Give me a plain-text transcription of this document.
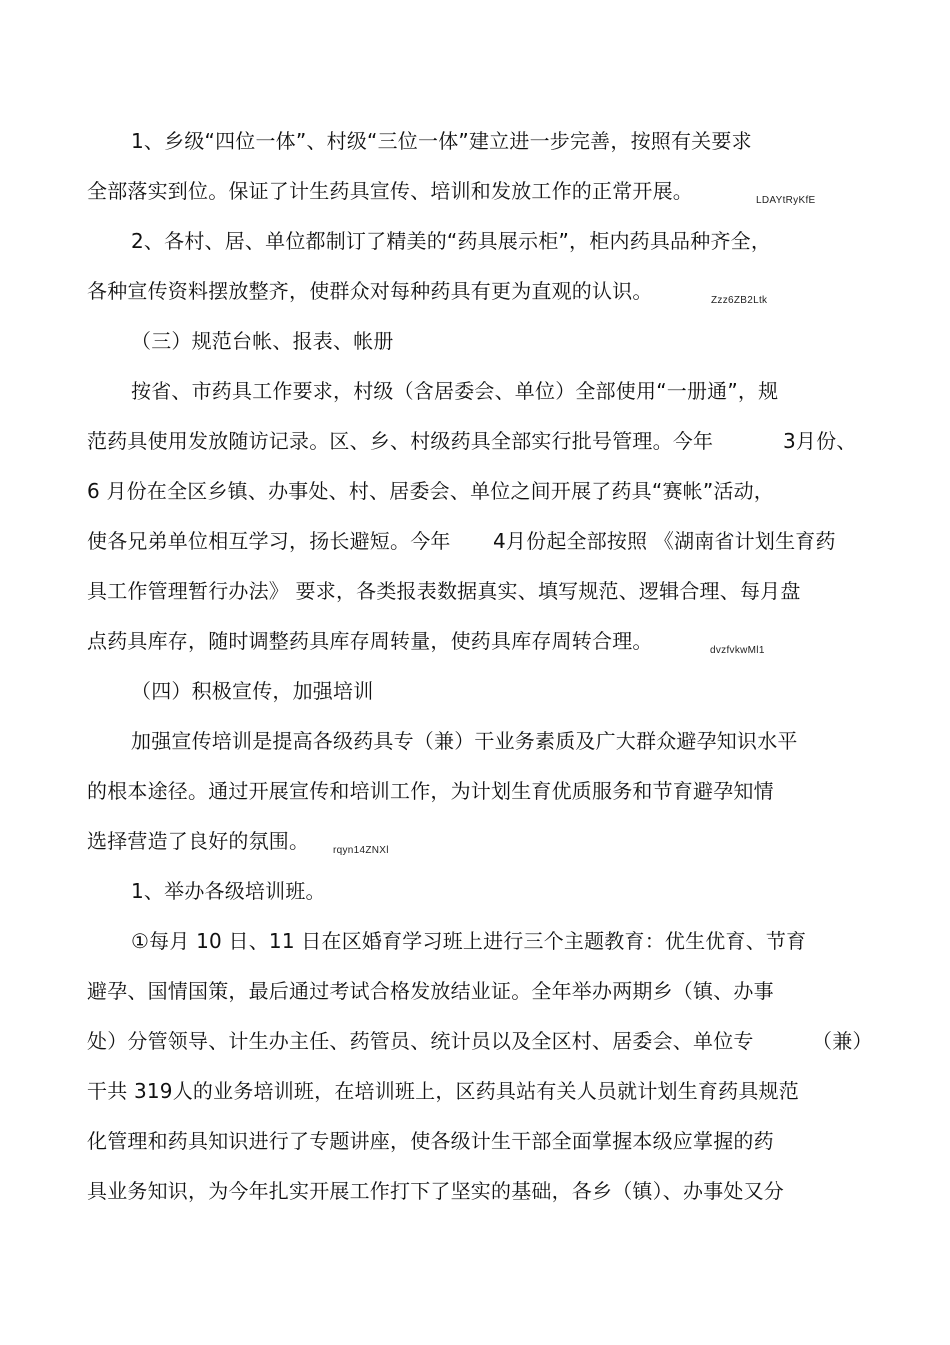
1、乡级“四位一体”、村级“三位一体”建立进一步完善，按照有关要求
全部落实到位。保证了计生药具宣传、培训和发放工作的正常开展。	LDAYtRyKfE
2、各村、居、单位都制订了精美的“药具展示柜”，柜内药具品种齐全，
各种宣传资料摆放整齐，使群众对每种药具有更为直观的认识。	Zzz6ZB2Ltk
（三）规范台帐、报表、帐册
按省、市药具工作要求，村级（含居委会、单位）全部使用“一册通”，规
范药具使用发放随访记录。区、乡、村级药具全部实行批号管理。今年	3月份、
6 月份在全区乡镇、办事处、村、居委会、单位之间开展了药具“赛帐”活动，
使各兄弟单位相互学习，扬长避短。今年 4月份起全部按照 《湖南省计划生育药
具工作管理暂行办法》 要求，各类报表数据真实、填写规范、逻辑合理、每月盘
点药具库存，随时调整药具库存周转量，使药具库存周转合理。	dvzfvkwMl1
（四）积极宣传，加强培训
加强宣传培训是提高各级药具专（兼）干业务素质及广大群众避孕知识水平
的根本途径。通过开展宣传和培训工作，为计划生育优质服务和节育避孕知情
选择营造了良好的氛围。 rqyn14ZNXl
1、举办各级培训班。
①每月 10 日、11 日在区婚育学习班上进行三个主题教育：优生优育、节育
避孕、国情国策，最后通过考试合格发放结业证。全年举办两期乡（镇、办事
处）分管领导、计生办主任、药管员、统计员以及全区村、居委会、单位专	（兼）
干共 319人的业务培训班，在培训班上，区药具站有关人员就计划生育药具规范
化管理和药具知识进行了专题讲座，使各级计生干部全面掌握本级应掌握的药
具业务知识，为今年扎实开展工作打下了坚实的基础，各乡（镇）、办事处又分
